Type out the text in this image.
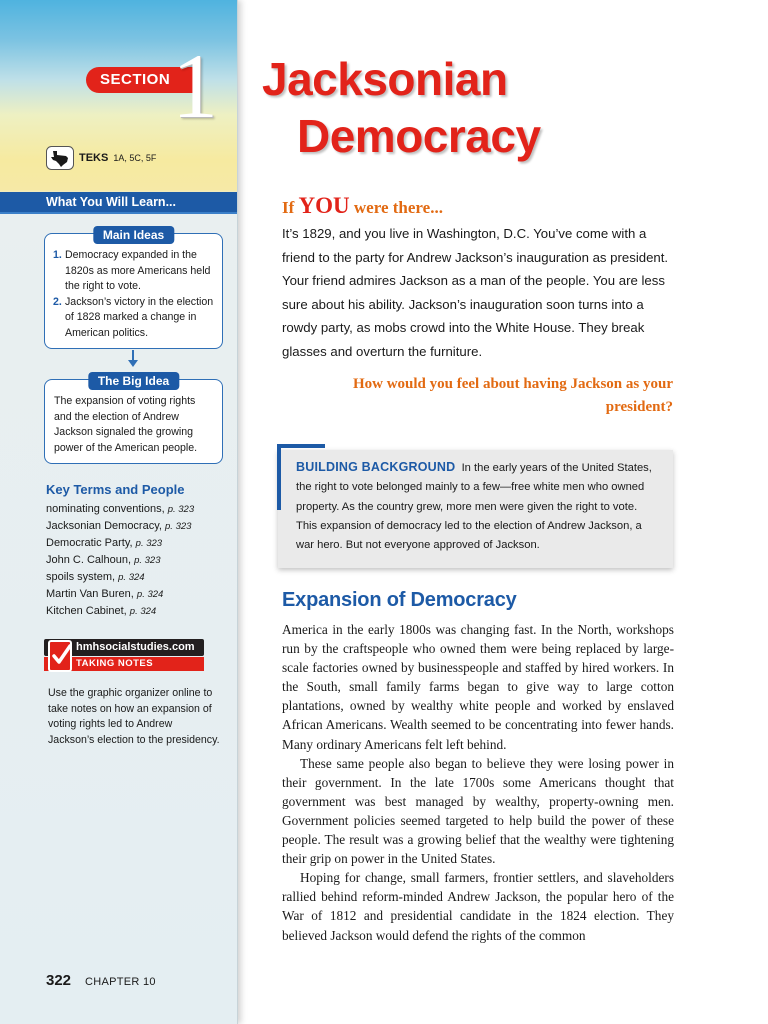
SECTION 1
TEKS 1A, 5C, 5F
What You Will Learn...
Main Ideas
1. Democracy expanded in the 1820s as more Americans held the right to vote.
2. Jackson’s victory in the election of 1828 marked a change in American politics.
The Big Idea
The expansion of voting rights and the election of Andrew Jackson signaled the growing power of the American people.
Key Terms and People
nominating conventions, p. 323
Jacksonian Democracy, p. 323
Democratic Party, p. 323
John C. Calhoun, p. 323
spoils system, p. 324
Martin Van Buren, p. 324
Kitchen Cabinet, p. 324
hmhsocialstudies.com
TAKING NOTES
Use the graphic organizer online to take notes on how an expansion of voting rights led to Andrew Jackson’s election to the presidency.
322 CHAPTER 10
Jacksonian
Democracy
If YOU were there...
It’s 1829, and you live in Washington, D.C. You’ve come with a friend to the party for Andrew Jackson’s inauguration as president. Your friend admires Jackson as a man of the people. You are less sure about his ability. Jackson’s inauguration soon turns into a rowdy party, as mobs crowd into the White House. They break glasses and overturn the furniture.
How would you feel about having Jackson as your president?
BUILDING BACKGROUND In the early years of the United States, the right to vote belonged mainly to a few—free white men who owned property. As the country grew, more men were given the right to vote. This expansion of democracy led to the election of Andrew Jackson, a war hero. But not everyone approved of Jackson.
Expansion of Democracy

America in the early 1800s was changing fast. In the North, workshops run by the craftspeople who owned them were being replaced by large-scale factories owned by businesspeople and staffed by hired workers. In the South, small family farms began to give way to large cotton plantations, owned by wealthy white people and worked by enslaved African Americans. Wealth seemed to be concentrating into fewer hands. Many ordinary Americans felt left behind.

These same people also began to believe they were losing power in their government. In the late 1700s some Americans thought that government was best managed by wealthy, property-owning men. Government policies seemed targeted to help build the power of these people. The result was a growing belief that the wealthy were tightening their grip on power in the United States.

Hoping for change, small farmers, frontier settlers, and slaveholders rallied behind reform-minded Andrew Jackson, the popular hero of the War of 1812 and presidential candidate in the 1824 election. They believed Jackson would defend the rights of the common
